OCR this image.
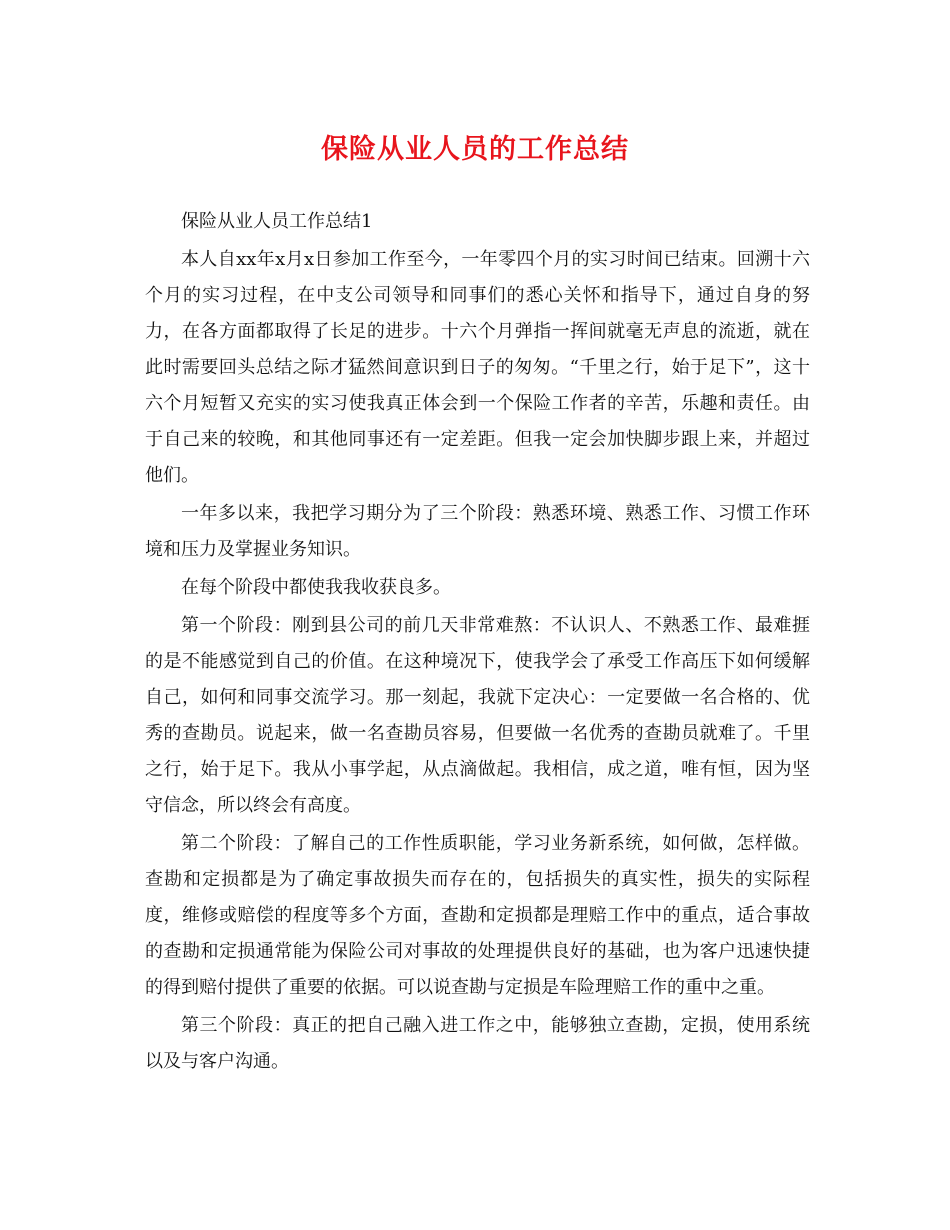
保险从业人员的工作总结

保险从业人员工作总结1

本人自xx年x月x日参加工作至今，一年零四个月的实习时间已结束。回溯十六个月的实习过程，在中支公司领导和同事们的悉心关怀和指导下，通过自身的努力，在各方面都取得了长足的进步。十六个月弹指一挥间就毫无声息的流逝，就在此时需要回头总结之际才猛然间意识到日子的匆匆。“千里之行，始于足下”，这十六个月短暂又充实的实习使我真正体会到一个保险工作者的辛苦，乐趣和责任。由于自己来的较晚，和其他同事还有一定差距。但我一定会加快脚步跟上来，并超过他们。

一年多以来，我把学习期分为了三个阶段：熟悉环境、熟悉工作、习惯工作环境和压力及掌握业务知识。

在每个阶段中都使我我收获良多。

第一个阶段：刚到县公司的前几天非常难熬：不认识人、不熟悉工作、最难捱的是不能感觉到自己的价值。在这种境况下，使我学会了承受工作高压下如何缓解自己，如何和同事交流学习。那一刻起，我就下定决心：一定要做一名合格的、优秀的查勘员。说起来，做一名查勘员容易，但要做一名优秀的查勘员就难了。千里之行，始于足下。我从小事学起，从点滴做起。我相信，成之道，唯有恒，因为坚守信念，所以终会有高度。

第二个阶段：了解自己的工作性质职能，学习业务新系统，如何做，怎样做。查勘和定损都是为了确定事故损失而存在的，包括损失的真实性，损失的实际程度，维修或赔偿的程度等多个方面，查勘和定损都是理赔工作中的重点，适合事故的查勘和定损通常能为保险公司对事故的处理提供良好的基础，也为客户迅速快捷的得到赔付提供了重要的依据。可以说查勘与定损是车险理赔工作的重中之重。

第三个阶段：真正的把自己融入进工作之中，能够独立查勘，定损，使用系统以及与客户沟通。
